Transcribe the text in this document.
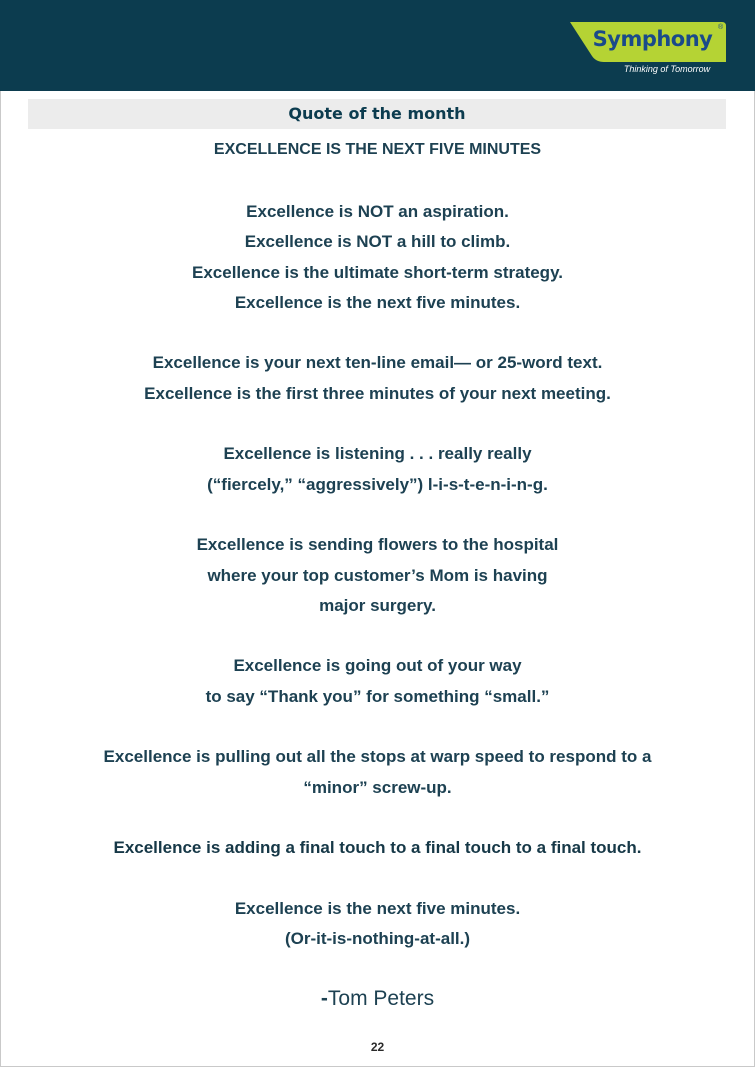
Symphony ®
Thinking of Tomorrow
Quote of the month
EXCELLENCE IS THE NEXT FIVE MINUTES
Excellence is NOT an aspiration.
Excellence is NOT a hill to climb.
Excellence is the ultimate short-term strategy.
Excellence is the next five minutes.
Excellence is your next ten-line email— or 25-word text.
Excellence is the first three minutes of your next meeting.
Excellence is listening . . . really really
(“fiercely,” “aggressively”) l-i-s-t-e-n-i-n-g.
Excellence is sending flowers to the hospital
where your top customer’s Mom is having
major surgery.
Excellence is going out of your way
to say “Thank you” for something “small.”
Excellence is pulling out all the stops at warp speed to respond to a
“minor” screw-up.
Excellence is adding a final touch to a final touch to a final touch.
Excellence is the next five minutes.
(Or-it-is-nothing-at-all.)
-Tom Peters
22
